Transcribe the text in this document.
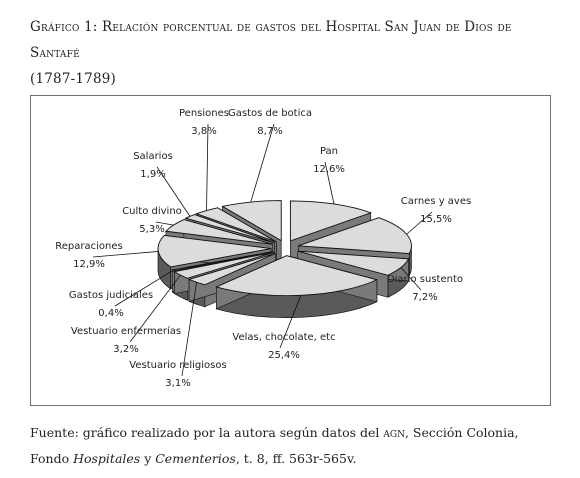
Gráfico 1: Relación porcentual de gastos del Hospital San Juan de Dios de Santafé
(1787-1789)
Pan
12,6%
Carnes y aves
15,5%
Diario sustento
7,2%
Velas, chocolate, etc
25,4%
Vestuario religiosos
3,1%
Vestuario enfermerías
3,2%
Gastos judiciales
0,4%
Reparaciones
12,9%
Culto divino
5,3%
Salarios
1,9%
Pensiones
3,8%
Gastos de botica
8,7%
Fuente: gráfico realizado por la autora según datos del agn, Sección Colonia, Fondo Hospitales y Cementerios, t. 8, ff. 563r-565v.
